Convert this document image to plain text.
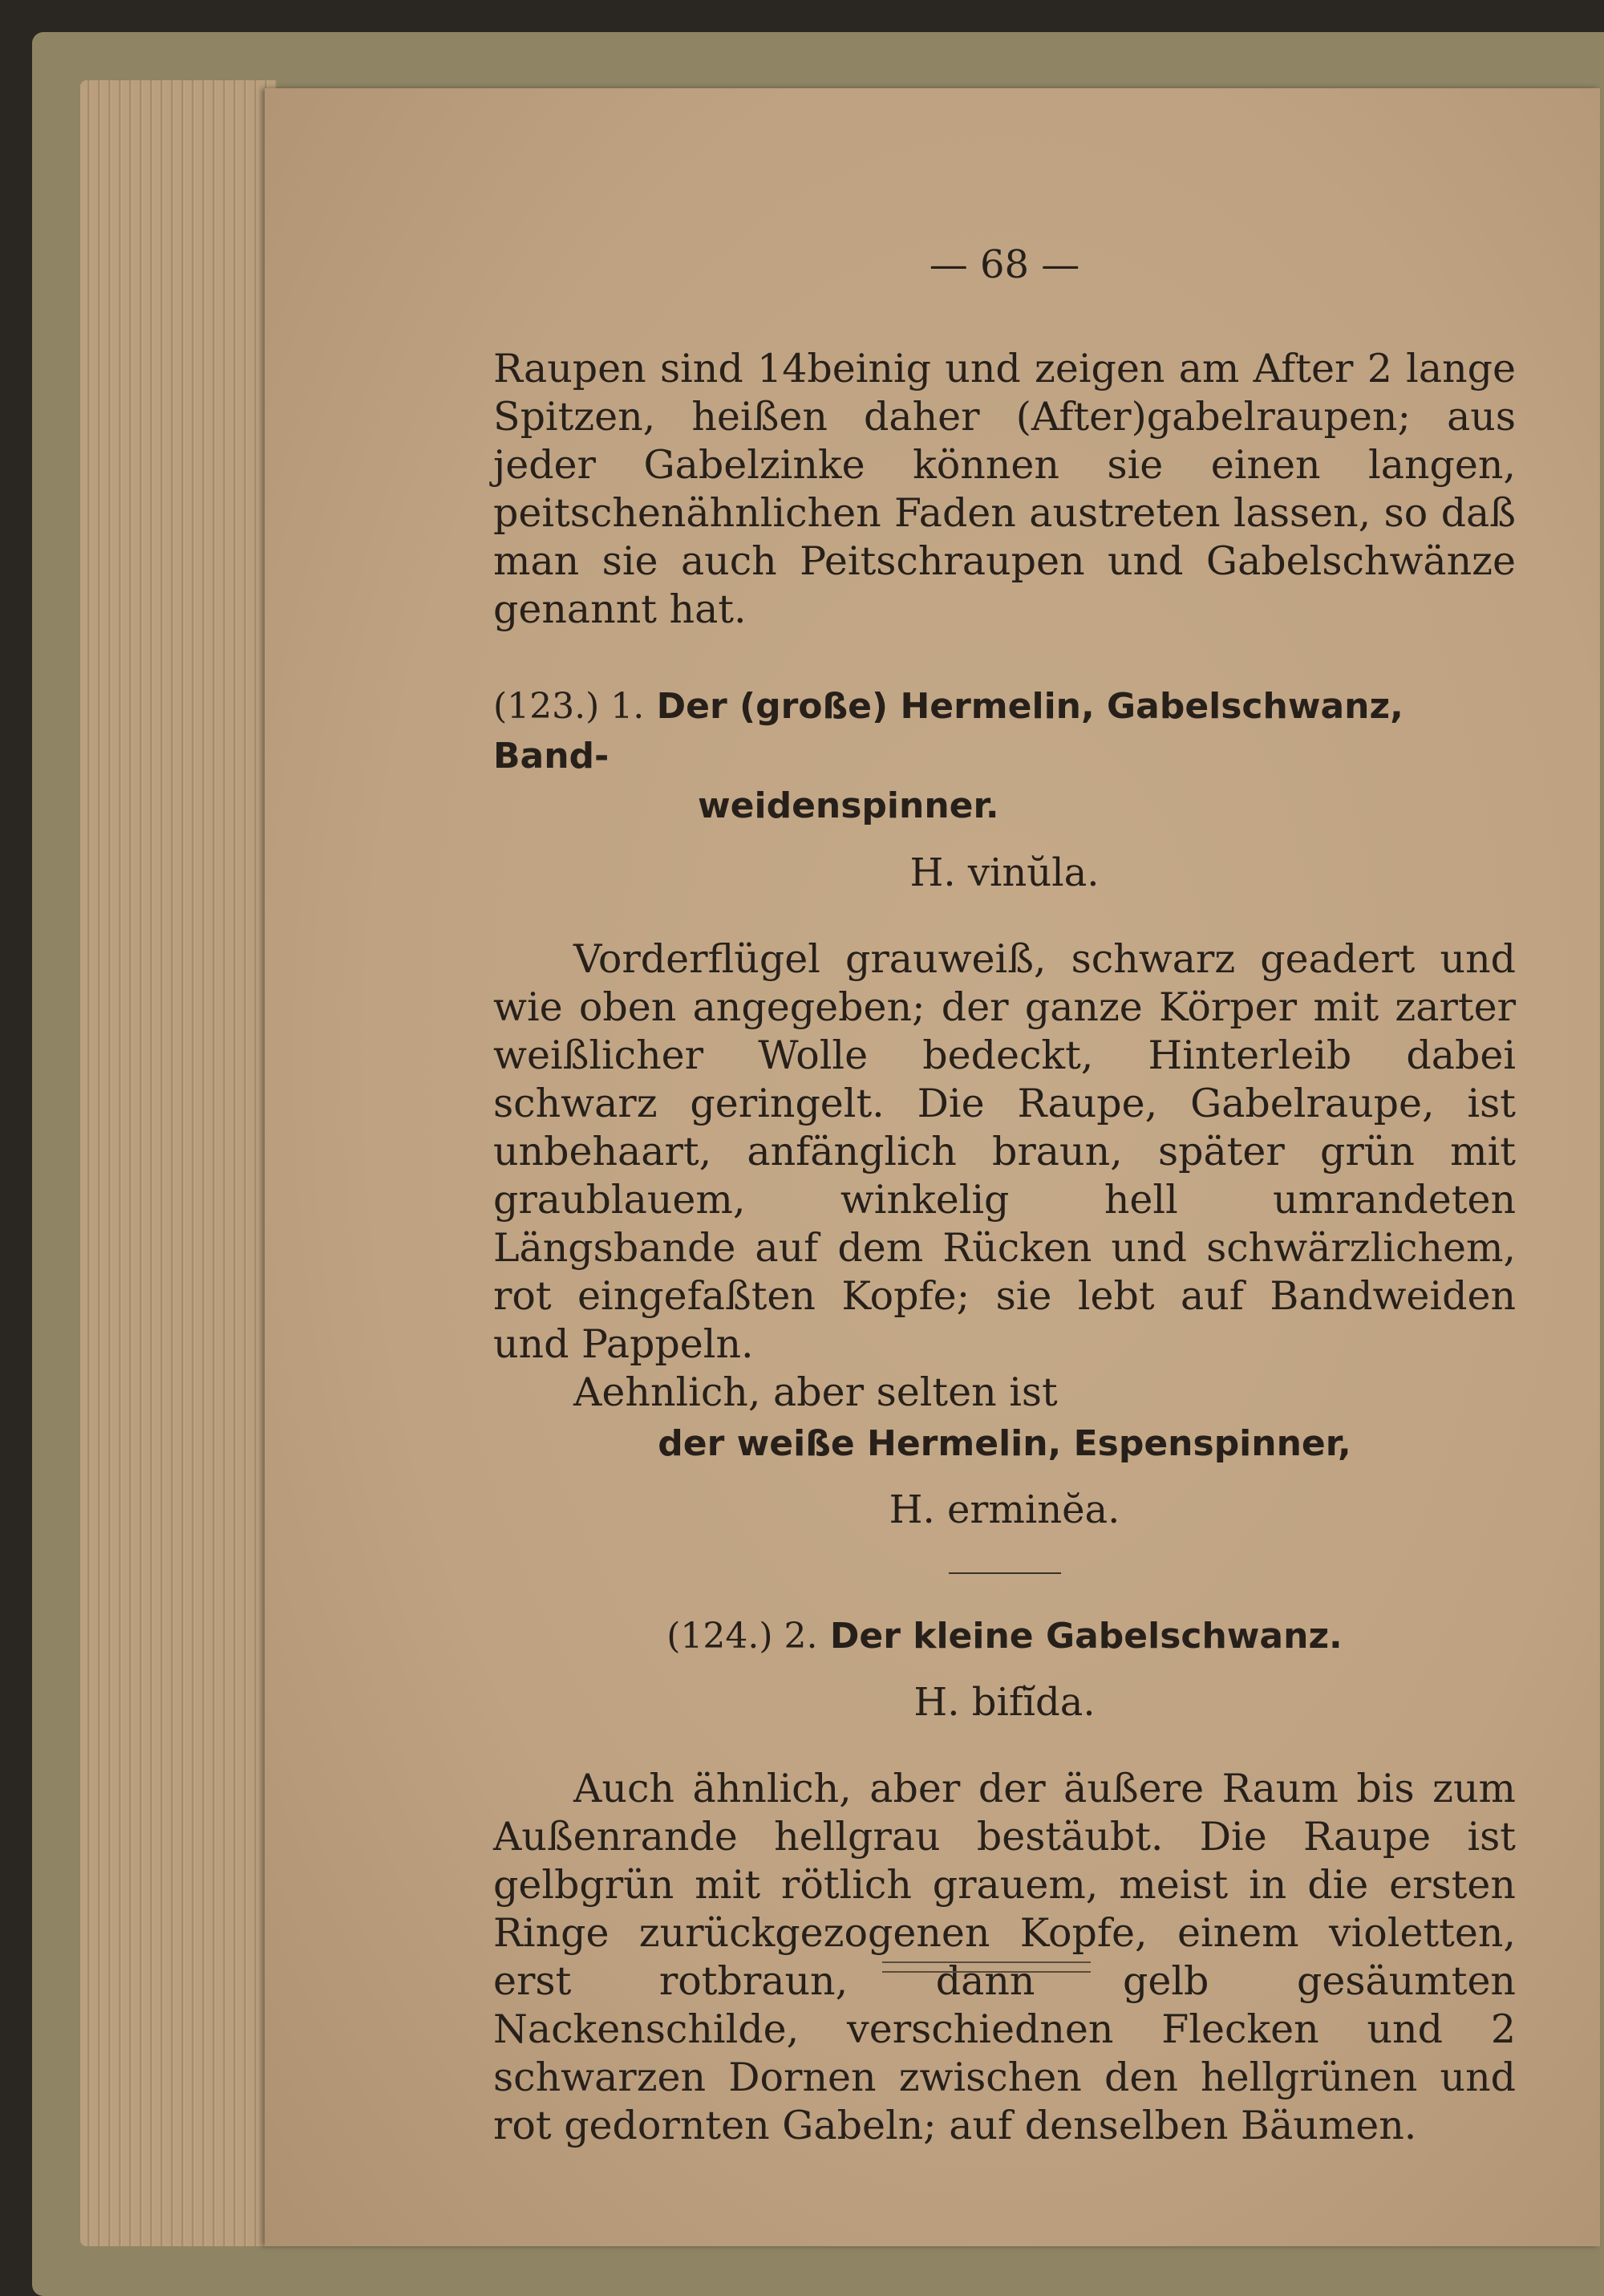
— 68 —

Raupen sind 14beinig und zeigen am After 2 lange Spitzen, heißen daher (After)gabelraupen; aus jeder Gabelzinke können sie einen langen, peitschenähnlichen Faden austreten lassen, so daß man sie auch Peitschraupen und Gabelschwänze genannt hat.

(123.) 1. Der (große) Hermelin, Gabelschwanz, Band-
weidenspinner.
H. vinŭla.

Vorderflügel grauweiß, schwarz geadert und wie oben angegeben; der ganze Körper mit zarter weißlicher Wolle bedeckt, Hinterleib dabei schwarz geringelt. Die Raupe, Gabelraupe, ist unbehaart, anfänglich braun, später grün mit graublauem, winkelig hell umrandeten Längsbande auf dem Rücken und schwärzlichem, rot eingefaßten Kopfe; sie lebt auf Bandweiden und Pappeln.

Aehnlich, aber selten ist

der weiße Hermelin, Espenspinner,
H. erminĕa.
(124.) 2. Der kleine Gabelschwanz.
H. bifĭda.

Auch ähnlich, aber der äußere Raum bis zum Außenrande hellgrau bestäubt. Die Raupe ist gelbgrün mit rötlich grauem, meist in die ersten Ringe zurückgezogenen Kopfe, einem violetten, erst rotbraun, dann gelb gesäumten Nackenschilde, verschiednen Flecken und 2 schwarzen Dornen zwischen den hellgrünen und rot gedornten Gabeln; auf denselben Bäumen.
